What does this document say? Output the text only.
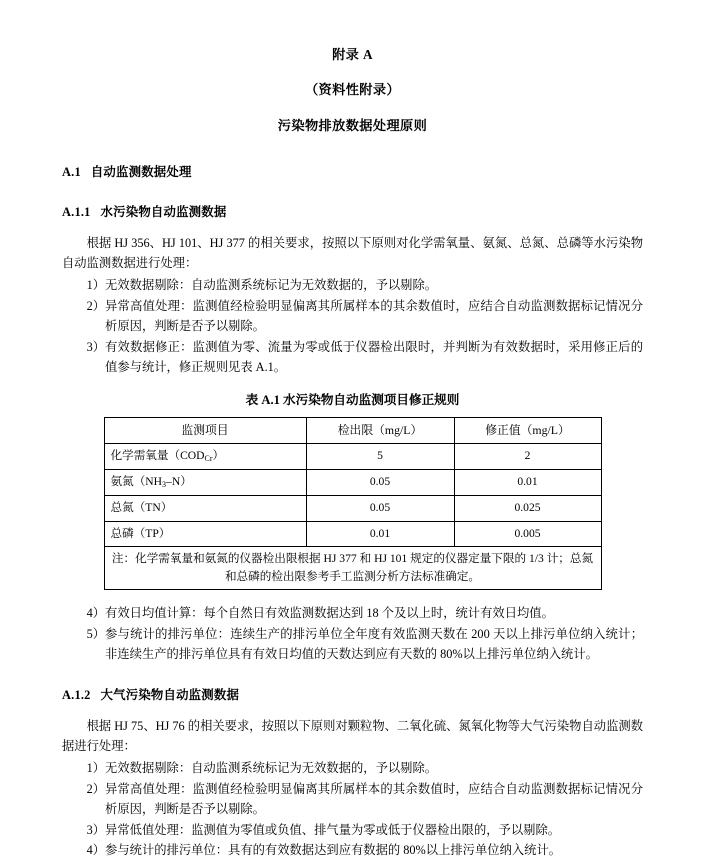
附录 A
（资料性附录）
污染物排放数据处理原则
A.1 自动监测数据处理
A.1.1 水污染物自动监测数据

根据 HJ 356、HJ 101、HJ 377 的相关要求，按照以下原则对化学需氧量、氨氮、总氮、总磷等水污染物自动监测数据进行处理：

1） 无效数据剔除：自动监测系统标记为无效数据的，予以剔除。
2） 异常高值处理：监测值经检验明显偏离其所属样本的其余数值时，应结合自动监测数据标记情况分析原因，判断是否予以剔除。
3） 有效数据修正：监测值为零、流量为零或低于仪器检出限时，并判断为有效数据时，采用修正后的值参与统计，修正规则见表 A.1。
表 A.1 水污染物自动监测项目修正规则
监测项目	检出限（mg/L）	修正值（mg/L）
化学需氧量$(COD_{Cr})$	5	2
氨氮$(NH_3-N)$	0.05	0.01
总氮（TN）	0.05	0.025
总磷（TP）	0.01	0.005
注：化学需氧量和氨氮的仪器检出限根据 HJ 377 和 HJ 101 规定的仪器定量下限的 1/3 计；总氮和总磷的检出限参考手工监测分析方法标准确定。		
4） 有效日均值计算：每个自然日有效监测数据达到 18 个及以上时，统计有效日均值。
5） 参与统计的排污单位：连续生产的排污单位全年度有效监测天数在 200 天以上排污单位纳入统计；非连续生产的排污单位具有有效日均值的天数达到应有天数的 80%以上排污单位纳入统计。
A.1.2 大气污染物自动监测数据

根据 HJ 75、HJ 76 的相关要求，按照以下原则对颗粒物、二氧化硫、氮氧化物等大气污染物自动监测数据进行处理：

1） 无效数据剔除：自动监测系统标记为无效数据的，予以剔除。
2） 异常高值处理：监测值经检验明显偏离其所属样本的其余数值时，应结合自动监测数据标记情况分析原因，判断是否予以剔除。
3） 异常低值处理：监测值为零值或负值、排气量为零或低于仪器检出限的，予以剔除。
4） 参与统计的排污单位：具有的有效数据达到应有数据的 80%以上排污单位纳入统计。
